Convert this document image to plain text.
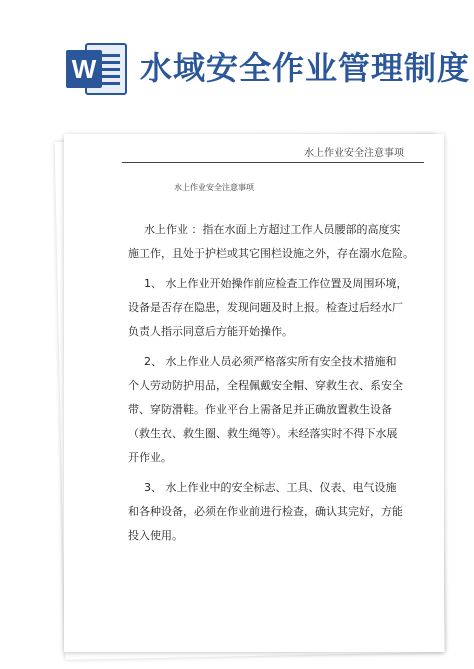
W 水域安全作业管理制度
水上作业安全注意事项
水上作业安全注意事项
水上作业 ：指在水面上方超过工作人员腰部的高度实
施工作，且处于护栏或其它围栏设施之外，存在溺水危险。
1、 水上作业开始操作前应检查工作位置及周围环境，
设备是否存在隐患，发现问题及时上报。检查过后经水厂
负责人指示同意后方能开始操作。
2、 水上作业人员必须严格落实所有安全技术措施和
个人劳动防护用品，全程佩戴安全帽、穿救生衣、系安全
带、穿防滑鞋。作业平台上需备足并正确放置救生设备
（救生衣、救生圈、救生绳等）。未经落实时不得下水展
开作业。
3、 水上作业中的安全标志、工具、仪表、电气设施
和各种设备，必须在作业前进行检查，确认其完好，方能
投入使用。
